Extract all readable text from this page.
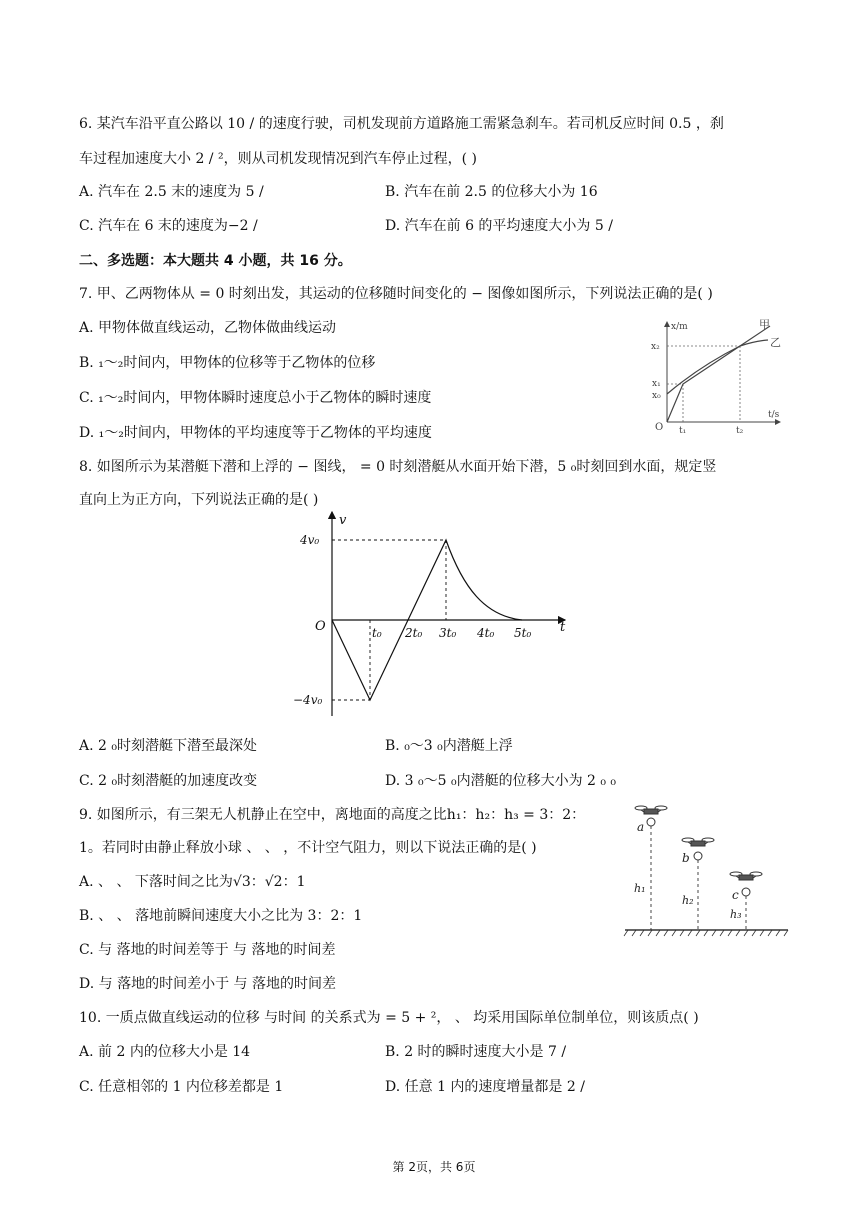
6. 某汽车沿平直公路以 10 / 的速度行驶，司机发现前方道路施工需紧急刹车。若司机反应时间 0.5 ，刹
车过程加速度大小 2 / ²，则从司机发现情况到汽车停止过程，( )
A. 汽车在 2.5 末的速度为 5 /	B. 汽车在前 2.5 的位移大小为 16
C. 汽车在 6 末的速度为−2 /	D. 汽车在前 6 的平均速度大小为 5 /
二、多选题：本大题共 4 小题，共 16 分。
7. 甲、乙两物体从 = 0 时刻出发，其运动的位移随时间变化的 − 图像如图所示，下列说法正确的是( )
A. 甲物体做直线运动，乙物体做曲线运动
B. ₁～₂时间内，甲物体的位移等于乙物体的位移
C. ₁～₂时间内，甲物体瞬时速度总小于乙物体的瞬时速度
D. ₁～₂时间内，甲物体的平均速度等于乙物体的平均速度
x/m
t/s
O
甲
乙
x₂
x₁
x₀
t₁	t₂
8. 如图所示为某潜艇下潜和上浮的 − 图线， = 0 时刻潜艇从水面开始下潜，5 ₀时刻回到水面，规定竖
直向上为正方向，下列说法正确的是( )
v
t
O
4v₀
−4v₀
t₀ 2t₀ 3t₀ 4t₀ 5t₀
A. 2 ₀时刻潜艇下潜至最深处	B. ₀～3 ₀内潜艇上浮
C. 2 ₀时刻潜艇的加速度改变	D. 3 ₀～5 ₀内潜艇的位移大小为 2 ₀ ₀
9. 如图所示，有三架无人机静止在空中，离地面的高度之比h₁：h₂：h₃ = 3：2：
1。若同时由静止释放小球 、 、 ，不计空气阻力，则以下说法正确的是( )
A. 、 、 下落时间之比为√3：√2：1
B. 、 、 落地前瞬间速度大小之比为 3：2：1
C. 与 落地的时间差等于 与 落地的时间差
D. 与 落地的时间差小于 与 落地的时间差
a
h₁
b
h₂	c
h₃
10. 一质点做直线运动的位移 与时间 的关系式为 = 5 + ²， 、 均采用国际单位制单位，则该质点( )
A. 前 2 内的位移大小是 14	B. 2 时的瞬时速度大小是 7 /
C. 任意相邻的 1 内位移差都是 1	D. 任意 1 内的速度增量都是 2 /
第 2页，共 6页
